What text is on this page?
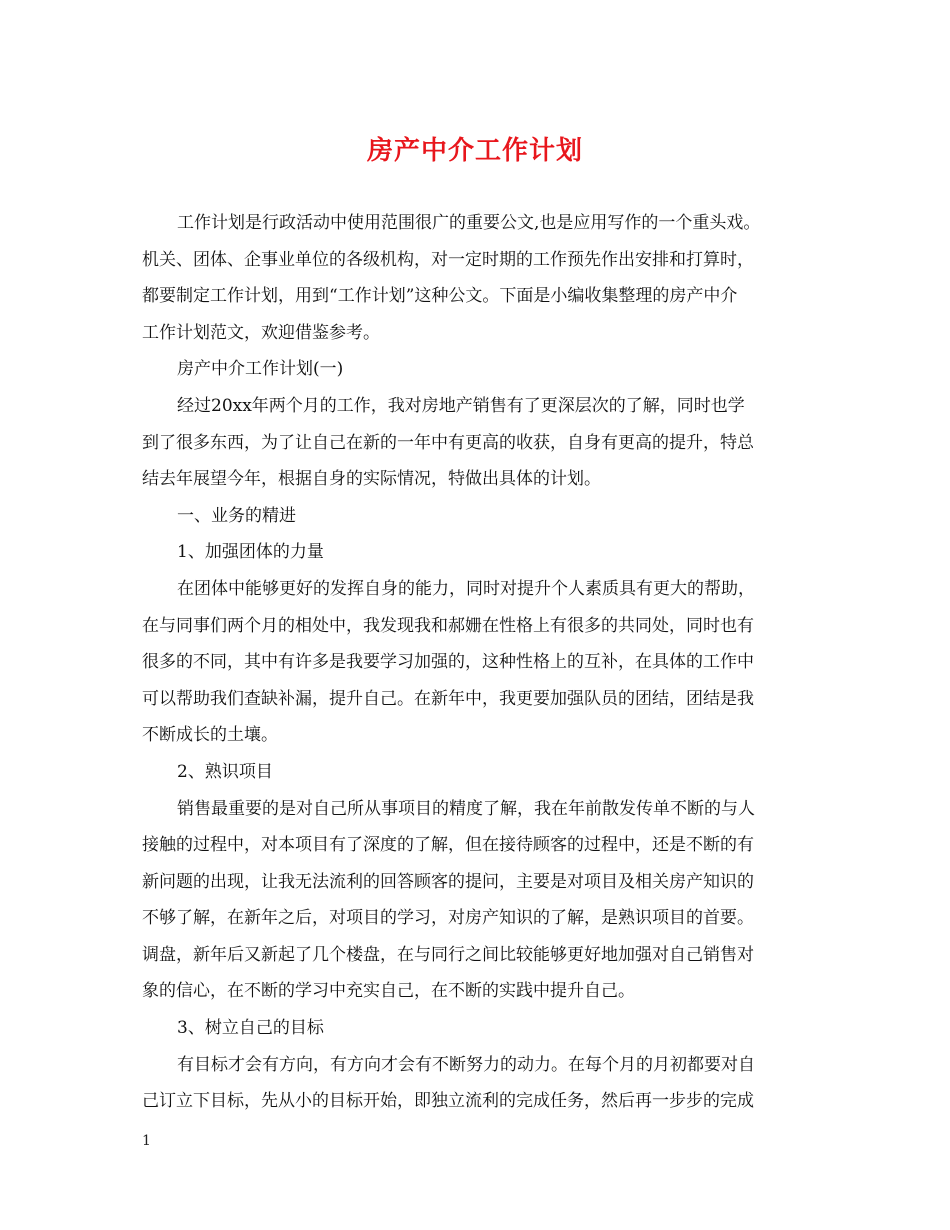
房产中介工作计划
工作计划是行政活动中使用范围很广的重要公文,也是应用写作的一个重头戏。
机关、团体、企事业单位的各级机构，对一定时期的工作预先作出安排和打算时，
都要制定工作计划，用到“工作计划”这种公文。下面是小编收集整理的房产中介
工作计划范文，欢迎借鉴参考。
房产中介工作计划(一)
经过20xx年两个月的工作，我对房地产销售有了更深层次的了解，同时也学
到了很多东西，为了让自己在新的一年中有更高的收获，自身有更高的提升，特总
结去年展望今年，根据自身的实际情况，特做出具体的计划。
一、业务的精进
1、加强团体的力量
在团体中能够更好的发挥自身的能力，同时对提升个人素质具有更大的帮助，
在与同事们两个月的相处中，我发现我和郝姗在性格上有很多的共同处，同时也有
很多的不同，其中有许多是我要学习加强的，这种性格上的互补，在具体的工作中
可以帮助我们查缺补漏，提升自己。在新年中，我更要加强队员的团结，团结是我
不断成长的土壤。
2、熟识项目
销售最重要的是对自己所从事项目的精度了解，我在年前散发传单不断的与人
接触的过程中，对本项目有了深度的了解，但在接待顾客的过程中，还是不断的有
新问题的出现，让我无法流利的回答顾客的提问，主要是对项目及相关房产知识的
不够了解，在新年之后，对项目的学习，对房产知识的了解，是熟识项目的首要。
调盘，新年后又新起了几个楼盘，在与同行之间比较能够更好地加强对自己销售对
象的信心，在不断的学习中充实自己，在不断的实践中提升自己。
3、树立自己的目标
有目标才会有方向，有方向才会有不断努力的动力。在每个月的月初都要对自
己订立下目标，先从小的目标开始，即独立流利的完成任务，然后再一步步的完成
1
